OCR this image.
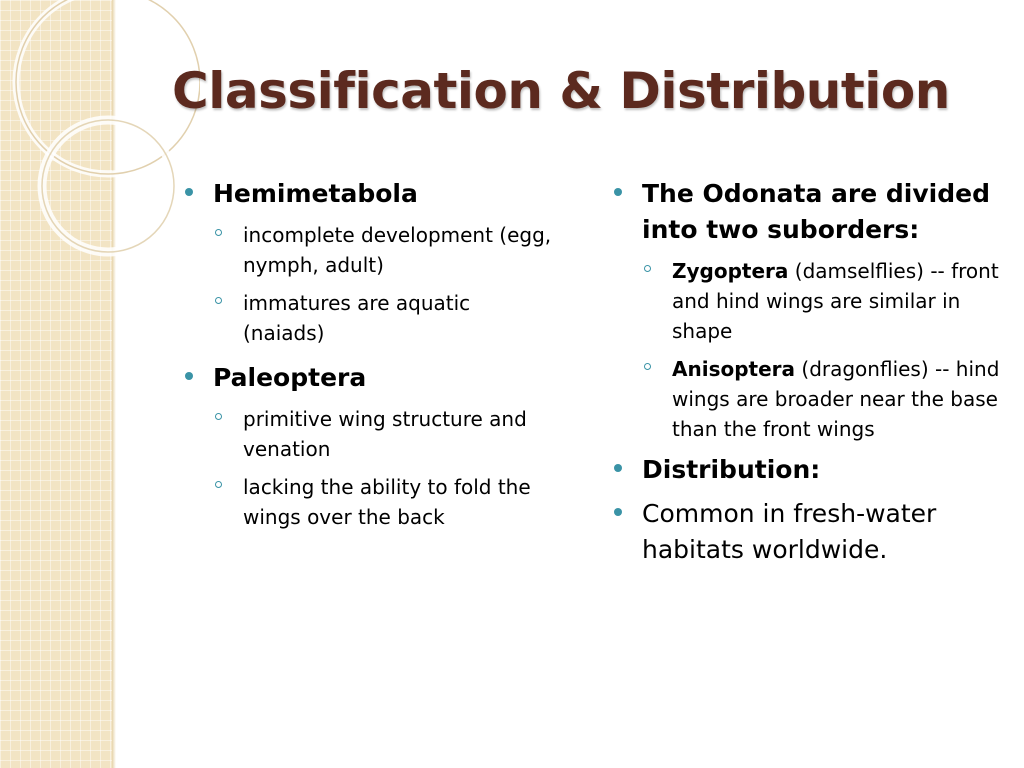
Classification & Distribution
Hemimetabola
incomplete development (egg, nymph, adult)
immatures are aquatic (naiads)
Paleoptera
primitive wing structure and venation
lacking the ability to fold the wings over the back
The Odonata are divided into two suborders:
Zygoptera (damselflies) -- front and hind wings are similar in shape
Anisoptera (dragonflies) -- hind wings are broader near the base than the front wings
Distribution:
Common in fresh-water habitats worldwide.
